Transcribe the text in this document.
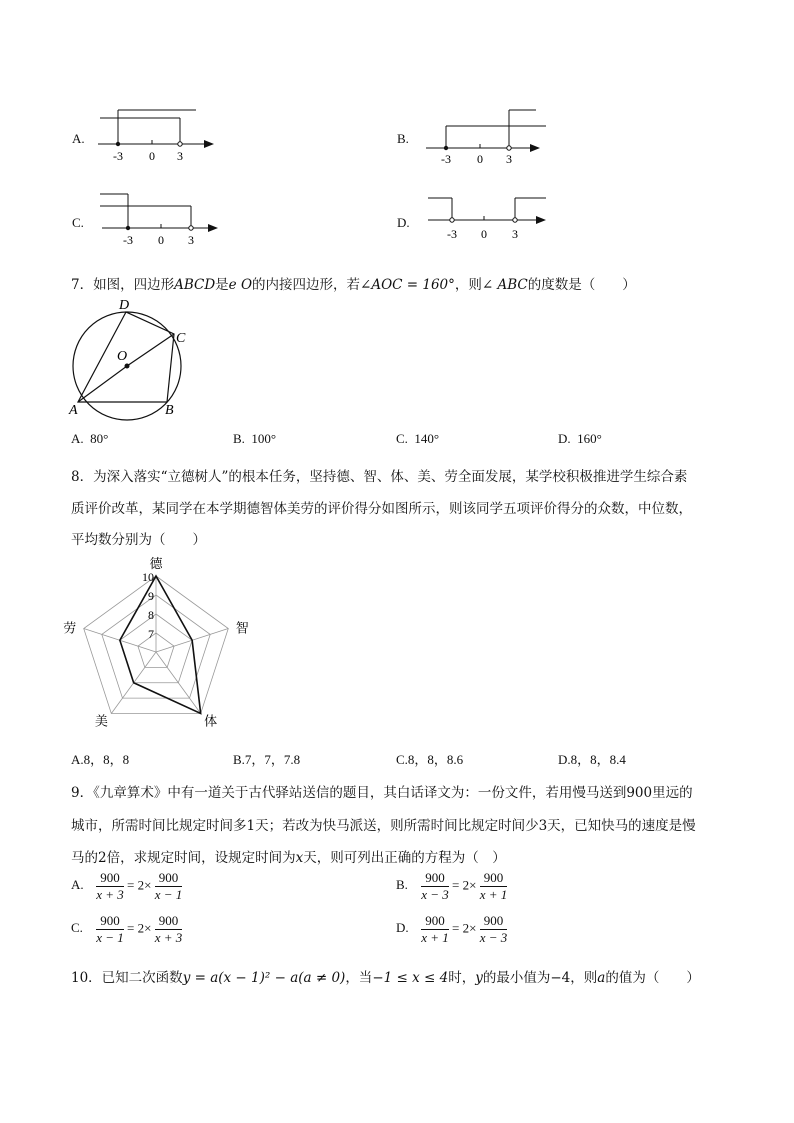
A.
-3 0 3
B.
-3 0 3
C.
-3 0 3
D.
-3 0 3
7．如图，四边形ABCD是e O的内接四边形，若∠AOC = 160°，则∠ ABC的度数是（　　）
D
C
O
A	B
A. 80°	B. 100°	C. 140°	D. 160°
8．为深入落实“立德树人”的根本任务，坚持德、智、体、美、劳全面发展，某学校积极推进学生综合素
质评价改革，某同学在本学期德智体美劳的评价得分如图所示，则该同学五项评价得分的众数，中位数，
平均数分别为（　　）
德
智
体
美
劳	7
8
9
10
A.8，8，8	B.7，7，7.8	C.8，8，8.6	D.8，8，8.4
9．《九章算术》中有一道关于古代驿站送信的题目，其白话译文为：一份文件，若用慢马送到900里远的
城市，所需时间比规定时间多1天；若改为快马派送，则所需时间比规定时间少3天，已知快马的速度是慢
马的2倍，求规定时间，设规定时间为x天，则可列出正确的方程为（　）
A. $\frac{900}{x + 3} = 2\times \frac{900}{x - 1}$	B. $\frac{900}{x - 3} = 2\times \frac{900}{x + 1}$
C. $\frac{900}{x - 1} = 2\times \frac{900}{x + 3}$	D. $\frac{900}{x + 1} = 2\times \frac{900}{x - 3}$
10．已知二次函数y = a(x − 1)² − a(a ≠ 0)，当−1 ≤ x ≤ 4时，y的最小值为−4，则a的值为（　　）
